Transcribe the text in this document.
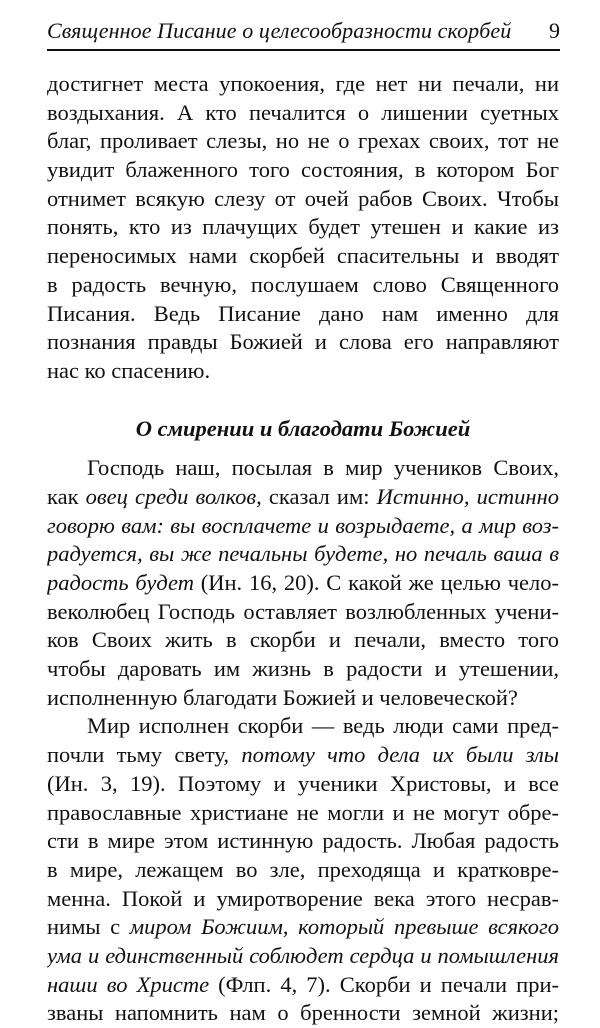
Священное Писание о целесообразности скорбей 9
достигнет места упокоения, где нет ни печали, ни
воздыхания. А кто печалится о лишении суетных
благ, проливает слезы, но не о грехах своих, тот не
увидит блаженного того состояния, в котором Бог
отнимет всякую слезу от очей рабов Своих. Чтобы
понять, кто из плачущих будет утешен и какие из
переносимых нами скорбей спасительны и вводят
в радость вечную, послушаем слово Священного
Писания. Ведь Писание дано нам именно для
познания правды Божией и слова его направляют
нас ко спасению.
О смирении и благодати Божией
Господь наш, посылая в мир учеников Своих,
как овец среди волков, сказал им: Истинно, истинно
говорю вам: вы восплачете и возрыдаете, а мир воз-
радуется, вы же печальны будете, но печаль ваша в
радость будет (Ин. 16, 20). С какой же целью чело-
веколюбец Господь оставляет возлюбленных учени-
ков Своих жить в скорби и печали, вместо того
чтобы даровать им жизнь в радости и утешении,
исполненную благодати Божией и человеческой?
Мир исполнен скорби — ведь люди сами пред-
почли тьму свету, потому что дела их были злы
(Ин. 3, 19). Поэтому и ученики Христовы, и все
православные христиане не могли и не могут обре-
сти в мире этом истинную радость. Любая радость
в мире, лежащем во зле, преходяща и кратковре-
менна. Покой и умиротворение века этого несрав-
нимы с миром Божиим, который превыше всякого
ума и единственный соблюдет сердца и помышления
наши во Христе (Флп. 4, 7). Скорби и печали при-
званы напомнить нам о бренности земной жизни;
